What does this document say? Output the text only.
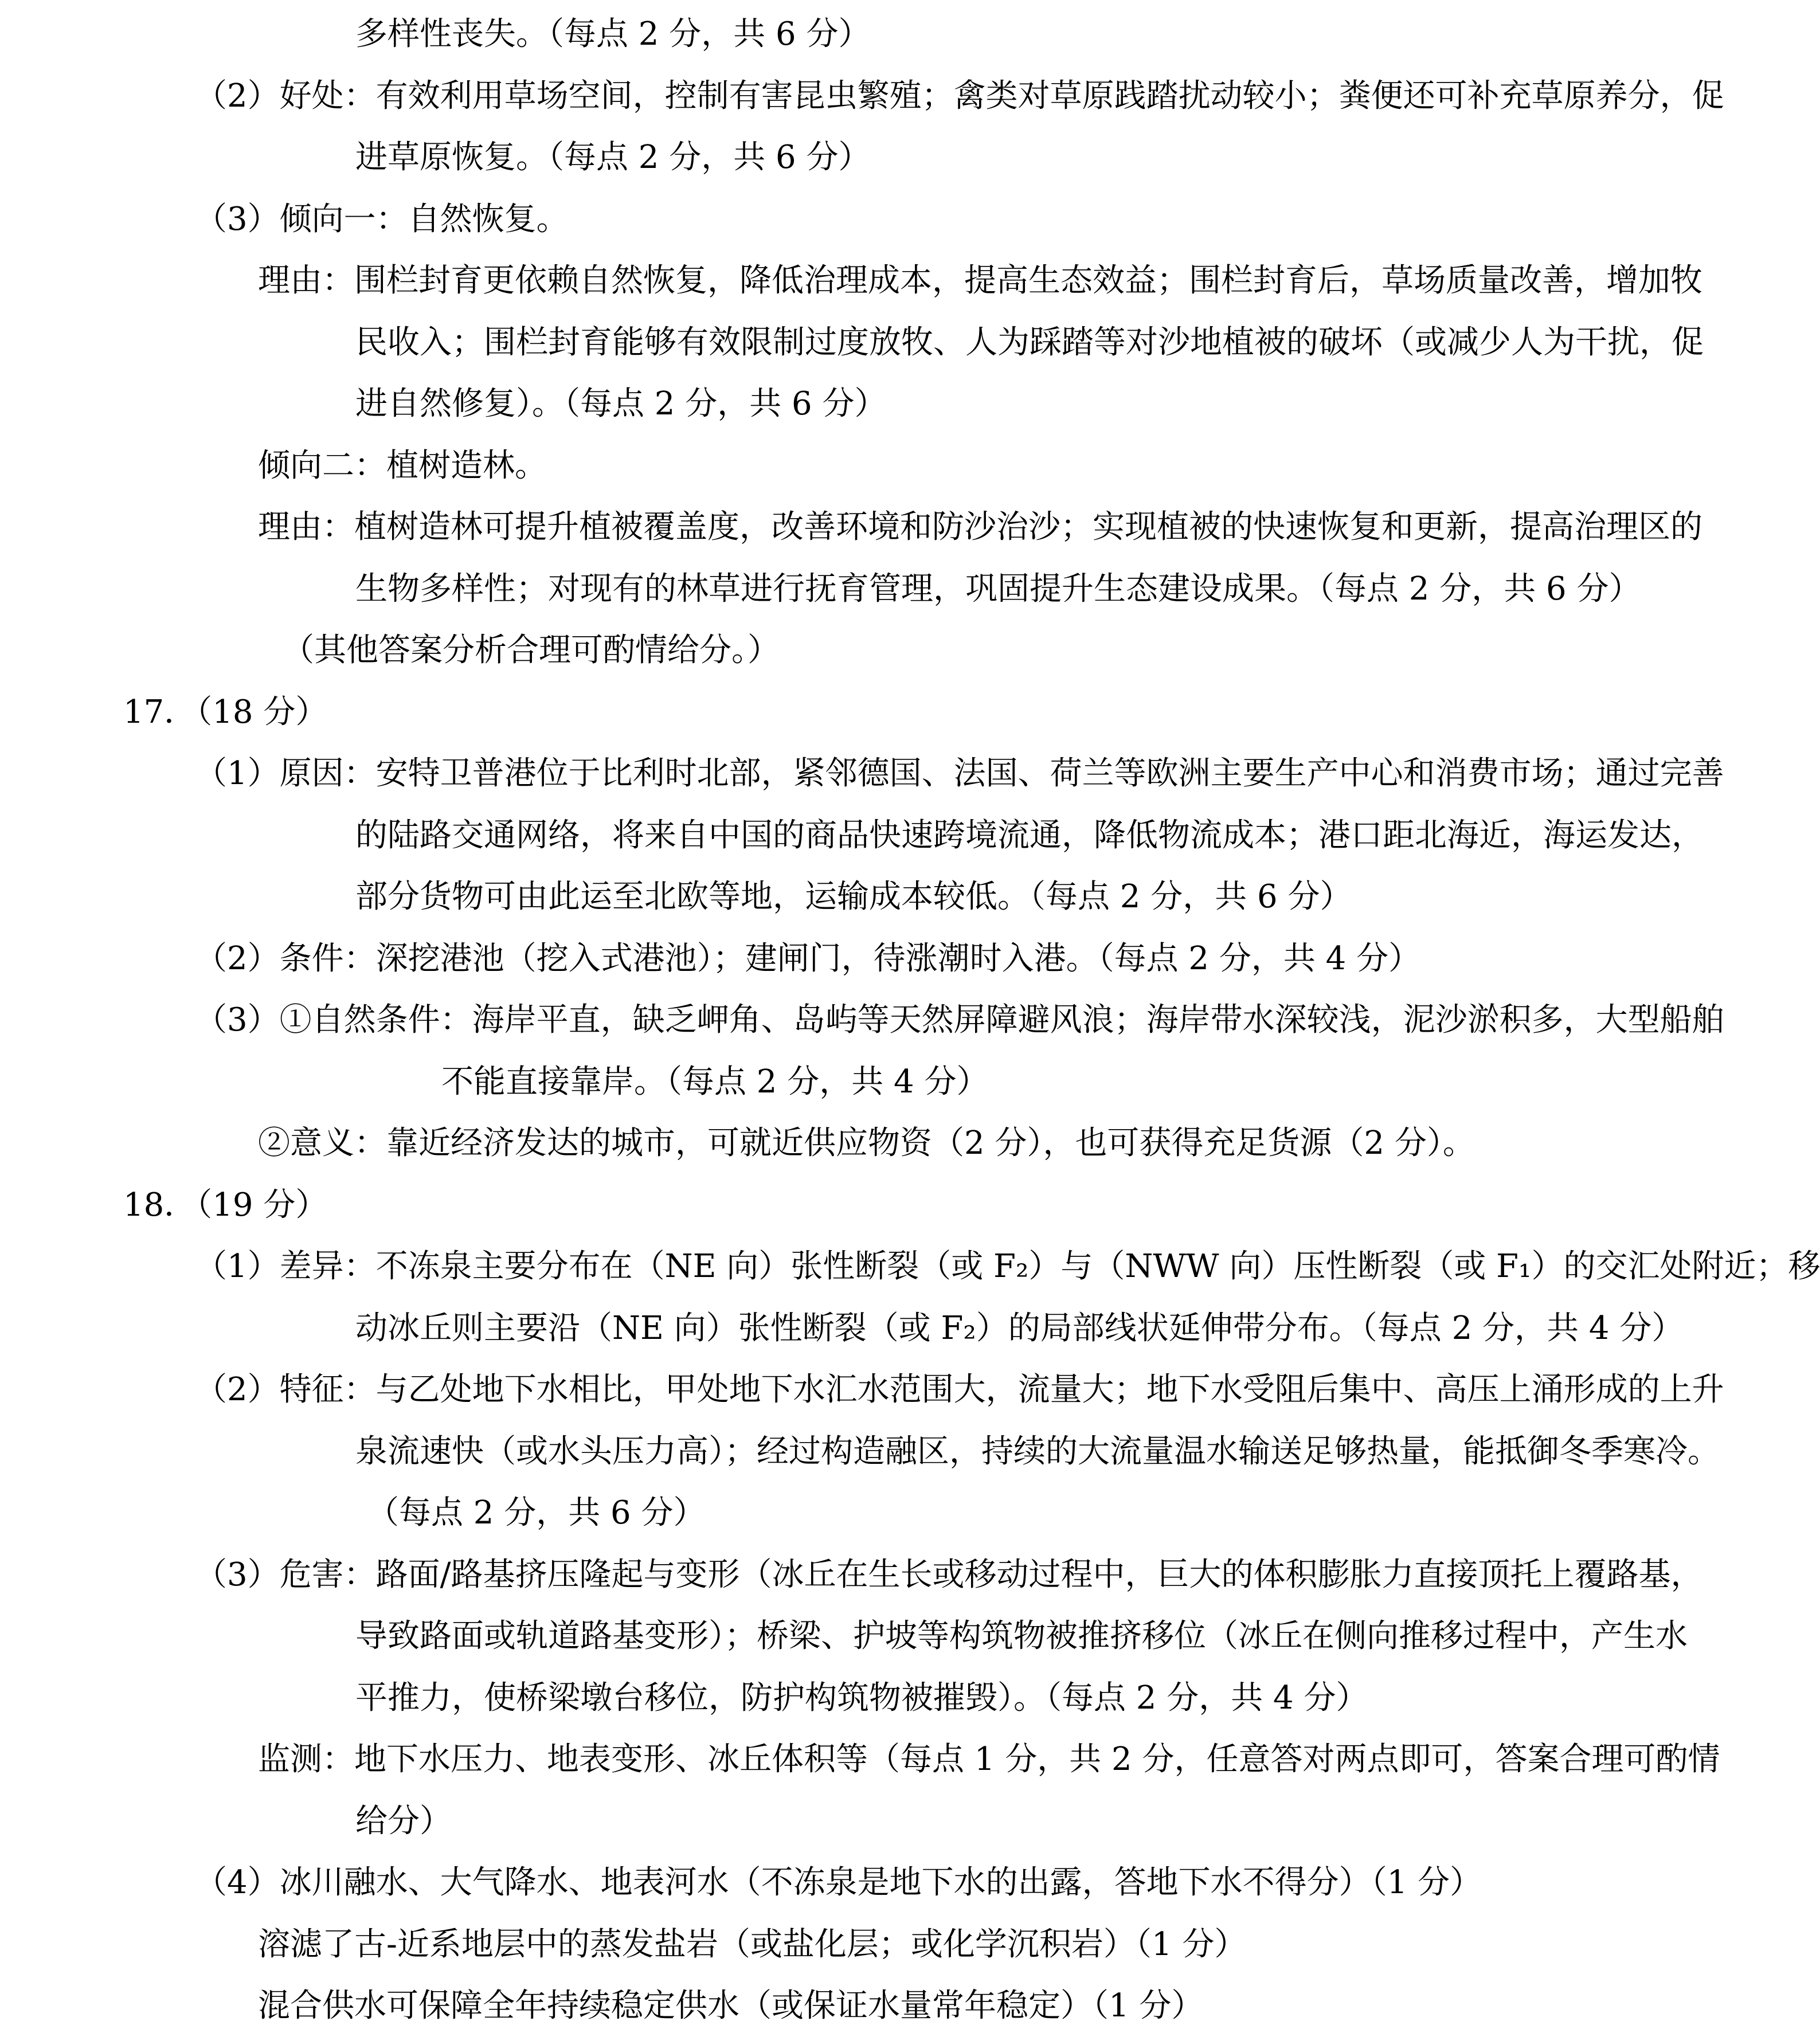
多样性丧失。（每点 2 分，共 6 分）
（2）好处：有效利用草场空间，控制有害昆虫繁殖；禽类对草原践踏扰动较小；粪便还可补充草原养分，促
进草原恢复。（每点 2 分，共 6 分）
（3）倾向一：自然恢复。
理由：围栏封育更依赖自然恢复，降低治理成本，提高生态效益；围栏封育后，草场质量改善，增加牧
民收入；围栏封育能够有效限制过度放牧、人为踩踏等对沙地植被的破坏（或减少人为干扰，促
进自然修复）。（每点 2 分，共 6 分）
倾向二：植树造林。
理由：植树造林可提升植被覆盖度，改善环境和防沙治沙；实现植被的快速恢复和更新，提高治理区的
生物多样性；对现有的林草进行抚育管理，巩固提升生态建设成果。（每点 2 分，共 6 分）
（其他答案分析合理可酌情给分。）
17．（18 分）
（1）原因：安特卫普港位于比利时北部，紧邻德国、法国、荷兰等欧洲主要生产中心和消费市场；通过完善
的陆路交通网络，将来自中国的商品快速跨境流通，降低物流成本；港口距北海近，海运发达，
部分货物可由此运至北欧等地，运输成本较低。（每点 2 分，共 6 分）
（2）条件：深挖港池（挖入式港池）；建闸门，待涨潮时入港。（每点 2 分，共 4 分）
（3）①自然条件：海岸平直，缺乏岬角、岛屿等天然屏障避风浪；海岸带水深较浅，泥沙淤积多，大型船舶
不能直接靠岸。（每点 2 分，共 4 分）
②意义：靠近经济发达的城市，可就近供应物资（2 分），也可获得充足货源（2 分）。
18．（19 分）
（1）差异：不冻泉主要分布在（NE 向）张性断裂（或 F₂）与（NWW 向）压性断裂（或 F₁）的交汇处附近；移
动冰丘则主要沿（NE 向）张性断裂（或 F₂）的局部线状延伸带分布。（每点 2 分，共 4 分）
（2）特征：与乙处地下水相比，甲处地下水汇水范围大，流量大；地下水受阻后集中、高压上涌形成的上升
泉流速快（或水头压力高）；经过构造融区，持续的大流量温水输送足够热量，能抵御冬季寒冷。
（每点 2 分，共 6 分）
（3）危害：路面/路基挤压隆起与变形（冰丘在生长或移动过程中，巨大的体积膨胀力直接顶托上覆路基，
导致路面或轨道路基变形）；桥梁、护坡等构筑物被推挤移位（冰丘在侧向推移过程中，产生水
平推力，使桥梁墩台移位，防护构筑物被摧毁）。（每点 2 分，共 4 分）
监测：地下水压力、地表变形、冰丘体积等（每点 1 分，共 2 分，任意答对两点即可，答案合理可酌情
给分）
（4）冰川融水、大气降水、地表河水（不冻泉是地下水的出露，答地下水不得分）（1 分）
溶滤了古-近系地层中的蒸发盐岩（或盐化层；或化学沉积岩）（1 分）
混合供水可保障全年持续稳定供水（或保证水量常年稳定）（1 分）
